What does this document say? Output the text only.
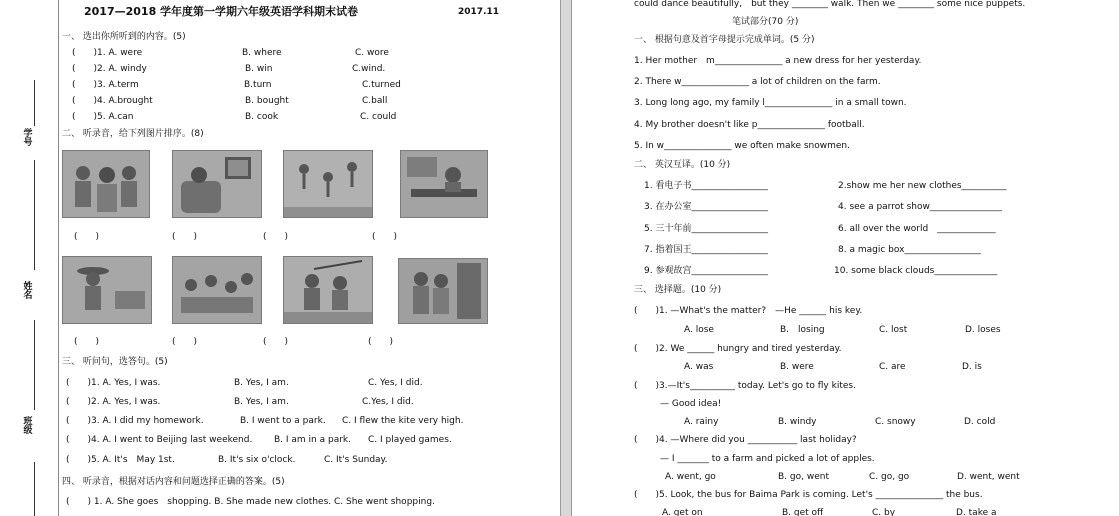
学号
姓名
班级
2017—2018 学年度第一学期六年级英语学科期末试卷	2017.11
一、 选出你所听到的内容。(5)
(　　)1. A. were	B. where	C. wore
(　　)2. A. windy	B. win	C.wind.
(　　)3. A.term	B.turn	C.turned
(　　)4. A.brought	B. bought	C.ball
(　　)5. A.can	B. cook	C. could
二、 听录音，给下列图片排序。(8)
(　　)	(　　)	(　　)	(　　)
(　　)	(　　)	(　　)	(　　)
三、 听问句，选答句。(5)
(　　)1. A. Yes, I was.	B. Yes, I am.	C. Yes, I did.
(　　)2. A. Yes, I was.	B. Yes, I am.	C.Yes, I did.
(　　)3. A. I did my homework.	B. I went to a park. C. I flew the kite very high.
(　　)4. A. I went to Beijing last weekend. B. I am in a park. C. I played games.
(　　)5. A. It's　May 1st.	B. It's six o'clock.	C. It's Sunday.
四、 听录音，根据对话内容和问题选择正确的答案。(5)
(　　) 1. A. She goes　shopping. B. She made new clothes. C. She went shopping.
could dance beautifully,　but they ________ walk. Then we ________ some nice puppets.
笔试部分(70 分)
一、 根据句意及首字母提示完成单词。(5 分)
1. Her mother　m_______________ a new dress for her yesterday.
2. There w_______________ a lot of children on the farm.
3. Long long ago, my family l_______________ in a small town.
4. My brother doesn't like p_______________ football.
5. In w_______________ we often make snowmen.
二、 英汉互译。(10 分)
1. 看电子书_________________	2.show me her new clothes__________
3. 在办公室_________________	4. see a parrot show________________
5. 三十年前_________________	6. all over the world　_____________
7. 指着国王_________________	8. a magic box_________________
9. 参观故宫_________________	10. some black clouds______________
三、 选择题。(10 分)
(　　)1. —What's the matter?　—He ______ his key.
A. lose	B.　losing	C. lost	D. loses
(　　)2. We ______ hungry and tired yesterday.
A. was	B. were	C. are	D. is
(　　)3.—It's__________ today. Let's go to fly kites.
— Good idea!
A. rainy	B. windy	C. snowy	D. cold
(　　)4. —Where did you ___________ last holiday?
— I _______ to a farm and picked a lot of apples.
A. went, go	B. go, went	C. go, go	D. went, went
(　　)5. Look, the bus for Baima Park is coming. Let's _______________ the bus.
A. get on	B. get off	C. by	D. take a
